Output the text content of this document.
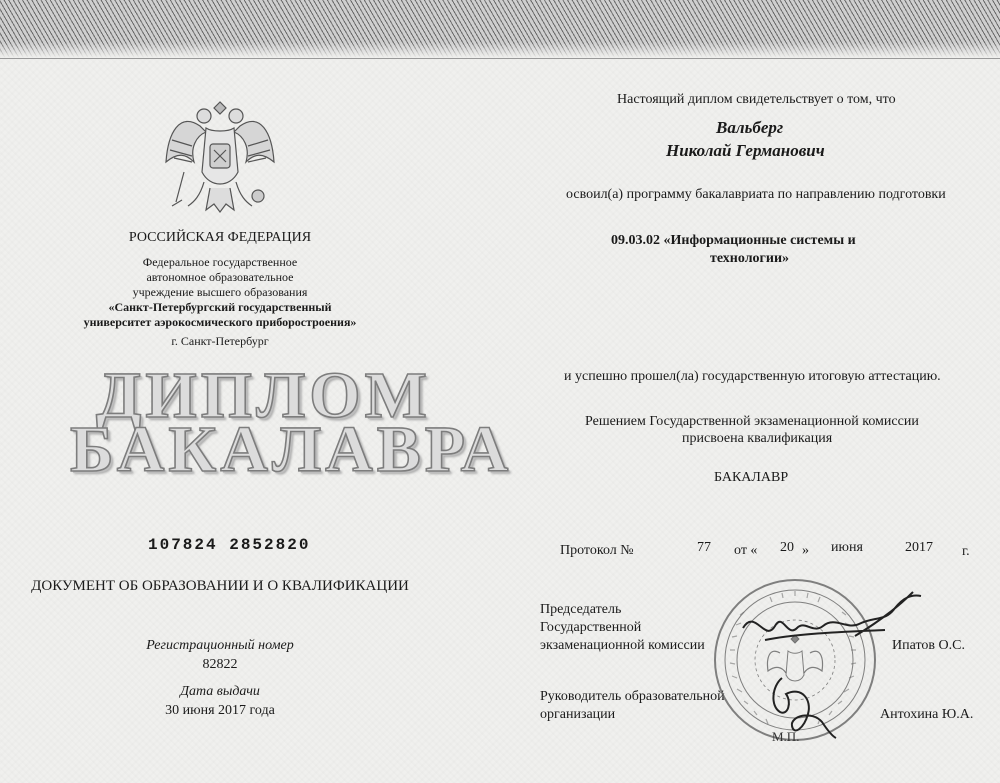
РОССИЙСКАЯ ФЕДЕРАЦИЯ
Федеральное государственное
автономное образовательное
учреждение высшего образования
«Санкт-Петербургский государственный
университет аэрокосмического приборостроения»
г. Санкт-Петербург
ДИПЛОМ
БАКАЛАВРА
107824 2852820
ДОКУМЕНТ ОБ ОБРАЗОВАНИИ И О КВАЛИФИКАЦИИ
Регистрационный номер
82822
Дата выдачи
30 июня 2017 года
Настоящий диплом свидетельствует о том, что
Вальберг
Николай Германович
освоил(а) программу бакалавриата по направлению подготовки
09.03.02 «Информационные системы и
технологии»
и успешно прошел(ла) государственную итоговую аттестацию.
Решением Государственной экзаменационной комиссии
присвоена квалификация
БАКАЛАВР
Протокол №	77 от « 20 » июня	2017 г.
Председатель
Государственной
экзаменационной комиссии	Ипатов О.С.
Руководитель образовательной
организации	Антохина Ю.А.
М.П.
